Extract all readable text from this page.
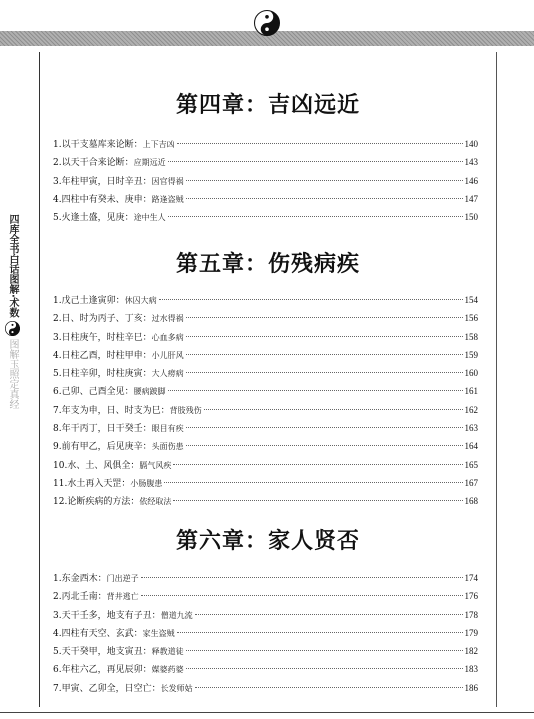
四库全书白话图解·术数
图解玉照定真经
第四章：吉凶远近
1.以干支墓库来论断： 上下吉凶	140
2.以天干合来论断： 应期远近	143
3.年柱甲寅，日时辛丑： 因官得祸	146
4.四柱中有癸未、庚申： 路逢盗贼	147
5.火逢土盛，见庚： 途中生人	150
第五章：伤残病疾
1.戊己土逢寅卯： 休囚大病	154
2.日、时为丙子、丁亥： 过水得祸	156
3.日柱庚午，时柱辛巳： 心血多病	158
4.日柱乙酉，时柱甲申： 小儿肝风	159
5.日柱辛卯，时柱庚寅： 大人痨病	160
6.己卯、己酉全见： 腰病跛脚	161
7.年支为申，日、时支为巳： 背肢残伤	162
8.年干丙丁，日干癸壬： 眼目有疾	163
9.前有甲乙，后见庚辛： 头面伤患	164
10.水、土、风俱全： 膈气风疾	165
11.水土再入天罡： 小肠腹患	167
12.论断疾病的方法： 依经取法	168
第六章：家人贤否
1.东金西木： 门出逆子	174
2.丙北壬南： 背井逃亡	176
3.天干壬多，地支有子丑： 僧道九流	178
4.四柱有天空、玄武： 家生盗贼	179
5.天干癸甲，地支寅丑： 释教道徒	182
6.年柱六乙，再见辰卯： 媒婆药婆	183
7.甲寅、乙卯全，日空亡： 长发师姑	186
